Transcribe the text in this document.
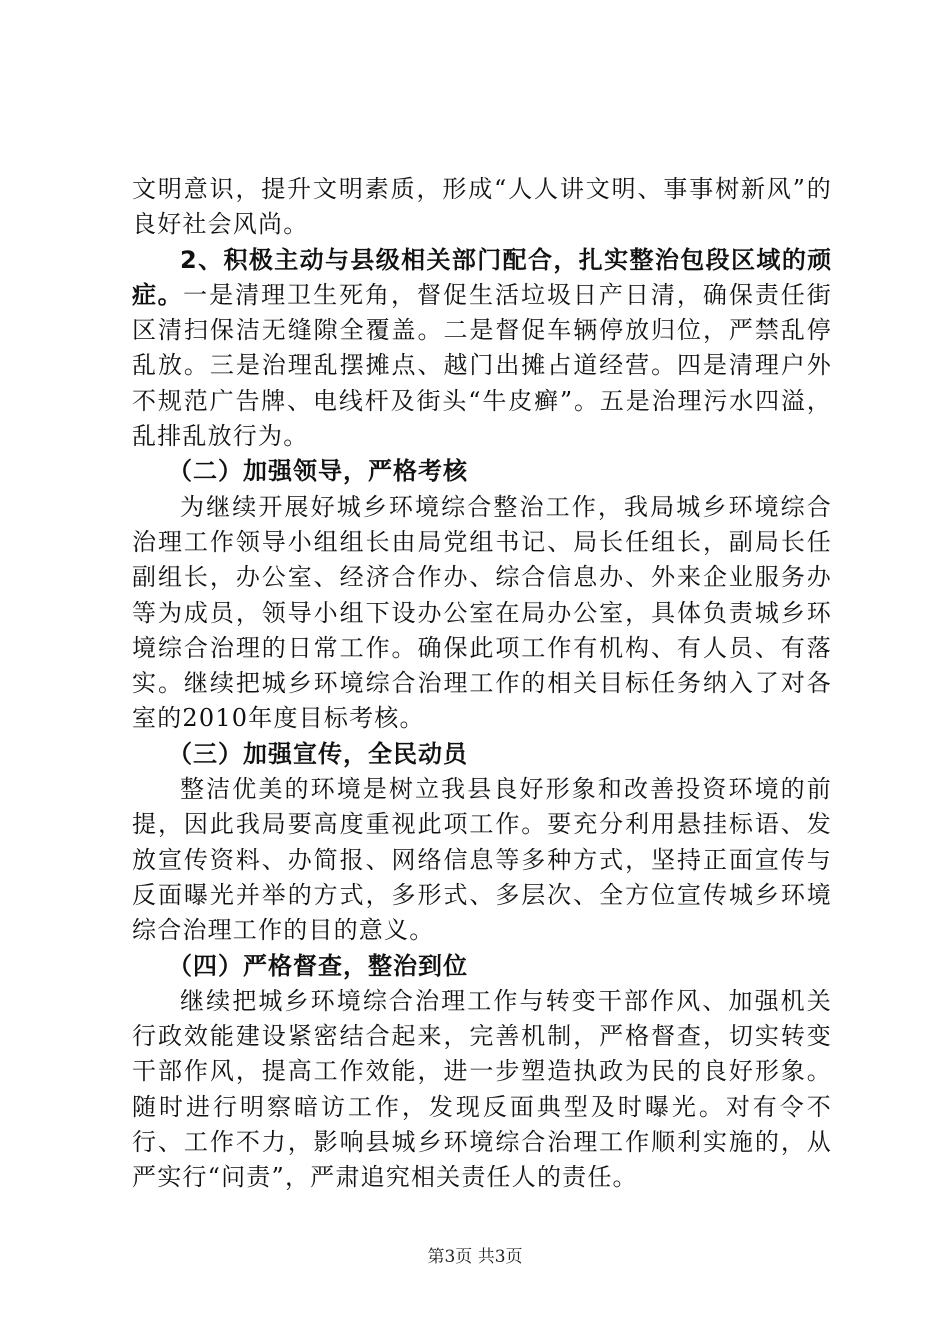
文明意识，提升文明素质，形成“人人讲文明、事事树新风”的良好社会风尚。

2、积极主动与县级相关部门配合，扎实整治包段区域的顽症。一是清理卫生死角，督促生活垃圾日产日清，确保责任街区清扫保洁无缝隙全覆盖。二是督促车辆停放归位，严禁乱停乱放。三是治理乱摆摊点、越门出摊占道经营。四是清理户外不规范广告牌、电线杆及街头“牛皮癣”。五是治理污水四溢，乱排乱放行为。

（二）加强领导，严格考核

为继续开展好城乡环境综合整治工作，我局城乡环境综合治理工作领导小组组长由局党组书记、局长任组长，副局长任副组长，办公室、经济合作办、综合信息办、外来企业服务办等为成员，领导小组下设办公室在局办公室，具体负责城乡环境综合治理的日常工作。确保此项工作有机构、有人员、有落实。继续把城乡环境综合治理工作的相关目标任务纳入了对各室的2010年度目标考核。

（三）加强宣传，全民动员

整洁优美的环境是树立我县良好形象和改善投资环境的前提，因此我局要高度重视此项工作。要充分利用悬挂标语、发放宣传资料、办简报、网络信息等多种方式，坚持正面宣传与反面曝光并举的方式，多形式、多层次、全方位宣传城乡环境综合治理工作的目的意义。

（四）严格督查，整治到位

继续把城乡环境综合治理工作与转变干部作风、加强机关行政效能建设紧密结合起来，完善机制，严格督查，切实转变干部作风，提高工作效能，进一步塑造执政为民的良好形象。随时进行明察暗访工作，发现反面典型及时曝光。对有令不行、工作不力，影响县城乡环境综合治理工作顺利实施的，从严实行“问责”，严肃追究相关责任人的责任。

第3页 共3页
